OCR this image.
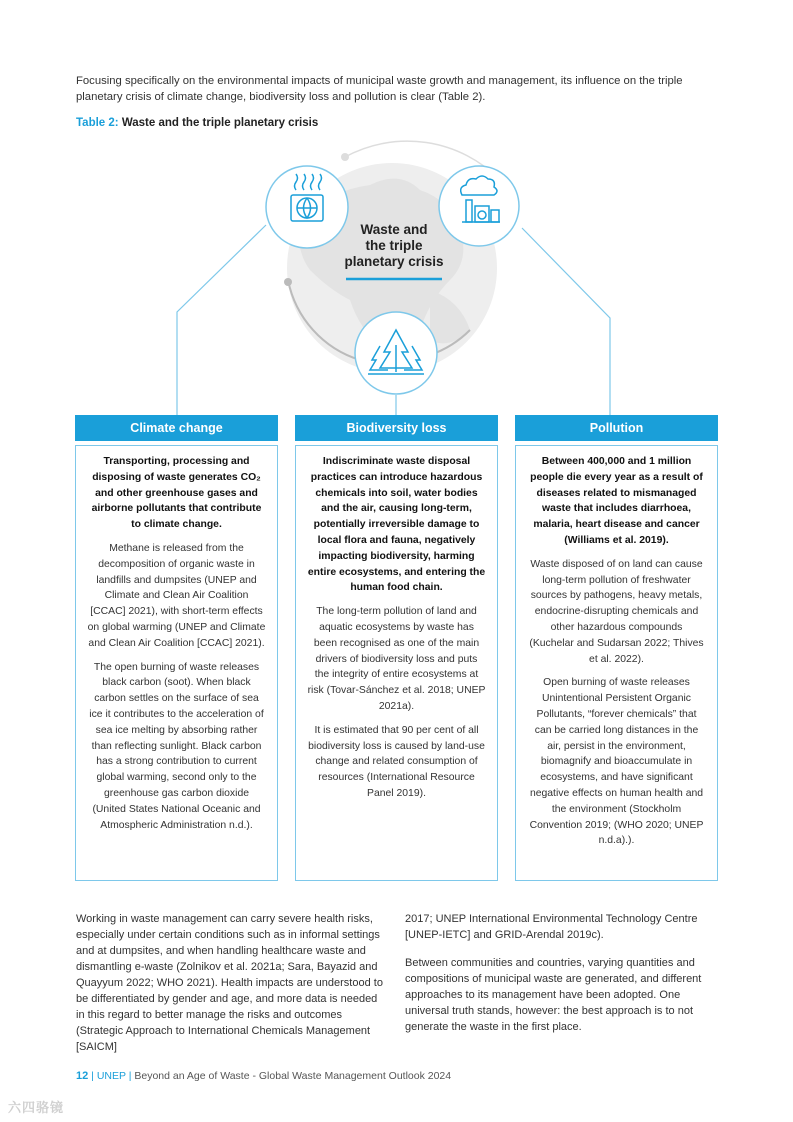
Focusing specifically on the environmental impacts of municipal waste growth and management, its influence on the triple planetary crisis of climate change, biodiversity loss and pollution is clear (Table 2).
Table 2: Waste and the triple planetary crisis
Waste and
the triple
planetary crisis
Climate change

Transporting, processing and disposing of waste generates CO₂ and other greenhouse gases and airborne pollutants that contribute to climate change.

Methane is released from the decomposition of organic waste in landfills and dumpsites (UNEP and Climate and Clean Air Coalition [CCAC] 2021), with short-term effects on global warming (UNEP and Climate and Clean Air Coalition [CCAC] 2021).

The open burning of waste releases black carbon (soot). When black carbon settles on the surface of sea ice it contributes to the acceleration of sea ice melting by absorbing rather than reflecting sunlight. Black carbon has a strong contribution to current global warming, second only to the greenhouse gas carbon dioxide (United States National Oceanic and Atmospheric Administration n.d.).

Biodiversity loss

Indiscriminate waste disposal practices can introduce hazardous chemicals into soil, water bodies and the air, causing long-term, potentially irreversible damage to local flora and fauna, negatively impacting biodiversity, harming entire ecosystems, and entering the human food chain.

The long-term pollution of land and aquatic ecosystems by waste has been recognised as one of the main drivers of biodiversity loss and puts the integrity of entire ecosystems at risk (Tovar-Sánchez et al. 2018; UNEP 2021a).

It is estimated that 90 per cent of all biodiversity loss is caused by land-use change and related consumption of resources (International Resource Panel 2019).

Pollution

Between 400,000 and 1 million people die every year as a result of diseases related to mismanaged waste that includes diarrhoea, malaria, heart disease and cancer (Williams et al. 2019).

Waste disposed of on land can cause long-term pollution of freshwater sources by pathogens, heavy metals, endocrine-disrupting chemicals and other hazardous compounds (Kuchelar and Sudarsan 2022; Thives et al. 2022).

Open burning of waste releases Unintentional Persistent Organic Pollutants, “forever chemicals” that can be carried long distances in the air, persist in the environment, biomagnify and bioaccumulate in ecosystems, and have significant negative effects on human health and the environment (Stockholm Convention 2019; (WHO 2020; UNEP n.d.a).).

Working in waste management can carry severe health risks, especially under certain conditions such as in informal settings and at dumpsites, and when handling healthcare waste and dismantling e-waste (Zolnikov et al. 2021a; Sara, Bayazid and Quayyum 2022; WHO 2021). Health impacts are understood to be differentiated by gender and age, and more data is needed in this regard to better manage the risks and outcomes (Strategic Approach to International Chemicals Management [SAICM]

2017; UNEP International Environmental Technology Centre [UNEP-IETC] and GRID-Arendal 2019c).

Between communities and countries, varying quantities and compositions of municipal waste are generated, and different approaches to its management have been adopted. One universal truth stands, however: the best approach is to not generate the waste in the first place.

12 | UNEP | Beyond an Age of Waste - Global Waste Management Outlook 2024
六四骆镜
